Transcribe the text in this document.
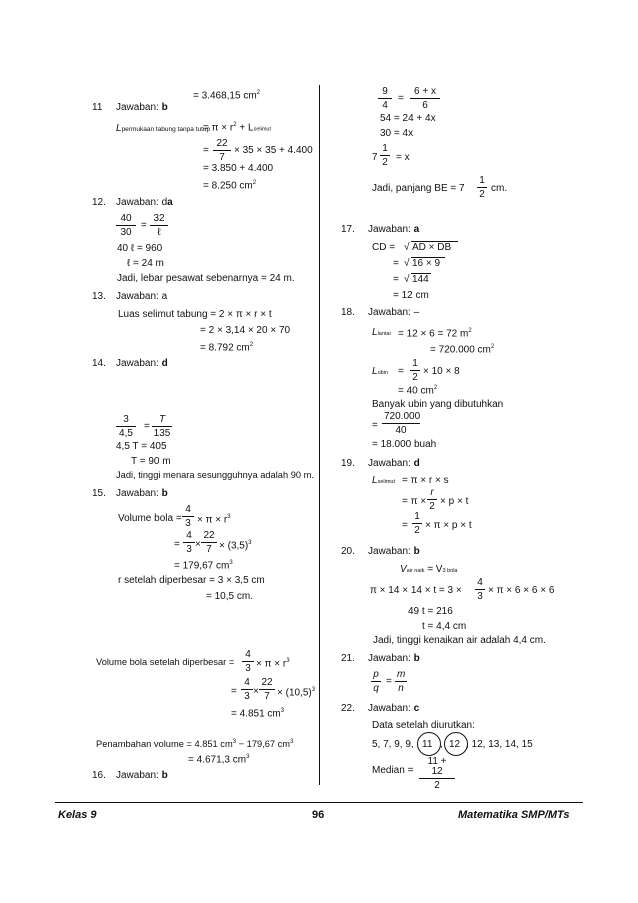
= 3.468,15 $cm^2$
11 Jawaban: b
Lpermukaan tabung tanpa tutup
= $\pi \times r^2$ + Lselimut
= $\frac{22}{7} \times 35 \times 35 + 4.400$
= 3.850 + 4.400
= 8.250 $cm^2$
12. Jawaban: da
$\frac{40}{30}$ =
32
ℓ
40 ℓ = 960
ℓ = 24 m
Jadi, lebar pesawat sebenarnya = 24 m.
13. Jawaban: a
Luas selimut tabung = 2 × π × r × t
= 2 × 3,14 × 20 × 70
= 8.792 $cm^2$
14. Jawaban: d
$\frac{3}{4,5} = \frac{T}{135}$
4,5 T = 405
T = 90 m
Jadi, tinggi menara sesungguhnya adalah 90 m.
15. Jawaban: b
Volume bola = $\frac{4}{3} \times \pi \times r^3$
= $\frac{4}{3} \times \frac{22}{7} \times (3,5)^3$
= 179,67 $cm^3$
r setelah diperbesar = 3 × 3,5 cm
= 10,5 cm.
Volume bola setelah diperbesar = $\frac{4}{3} \times \pi \times r^3$
= $\frac{4}{3} \times \frac{22}{7} \times (10,5)^3$
= 4.851 $cm^3$
Penambahan volume = 4.851 $cm^3 - 179,67$ $cm^3$
= 4.671,3 $cm^3$
16. Jawaban: b
$\frac{9}{4} = \frac{6 + x}{6}$
54 = 24 + 4x
30 = 4x
$7 \frac{1}{2} = x$
Jadi, panjang BE = $7 \frac{1}{2}$ cm.
17. Jawaban: a
CD = √ AD × DB
= √ 16 × 9
= √ 144
= 12 cm
18. Jawaban: –
Llantai = 12 × 6 = 72 $m^2$
= 720.000 $cm^2$
Lubin = $\frac{1}{2} \times 10 \times 8$
= 40 $cm^2$
Banyak ubin yang dibutuhkan
= $\frac{720.000}{40}$
= 18.000 buah
19. Jawaban: d
Lselimut = π × r × s
= $\pi \times \frac{r}{2} \times p \times t$
= $\frac{1}{2} \times \pi \times p \times t$
20. Jawaban: b
Vair naik = V3 bola
$\pi \times 14 \times 14 \times t = 3 \times \frac{4}{3} \times \pi \times 6 \times 6 \times 6$
49 t = 216
t = 4,4 cm
Jadi, tinggi kenaikan air adalah 4,4 cm.
21. Jawaban: b
$\frac{p}{q} = \frac{m}{n}$
22. Jawaban: c
Data setelah diurutkan:
5, 7, 9, 9, 11 , 12 , 12, 13, 14, 15
Median = $\frac{11 + 12}{2}$
Kelas 9	96	Matematika SMP/MTs
